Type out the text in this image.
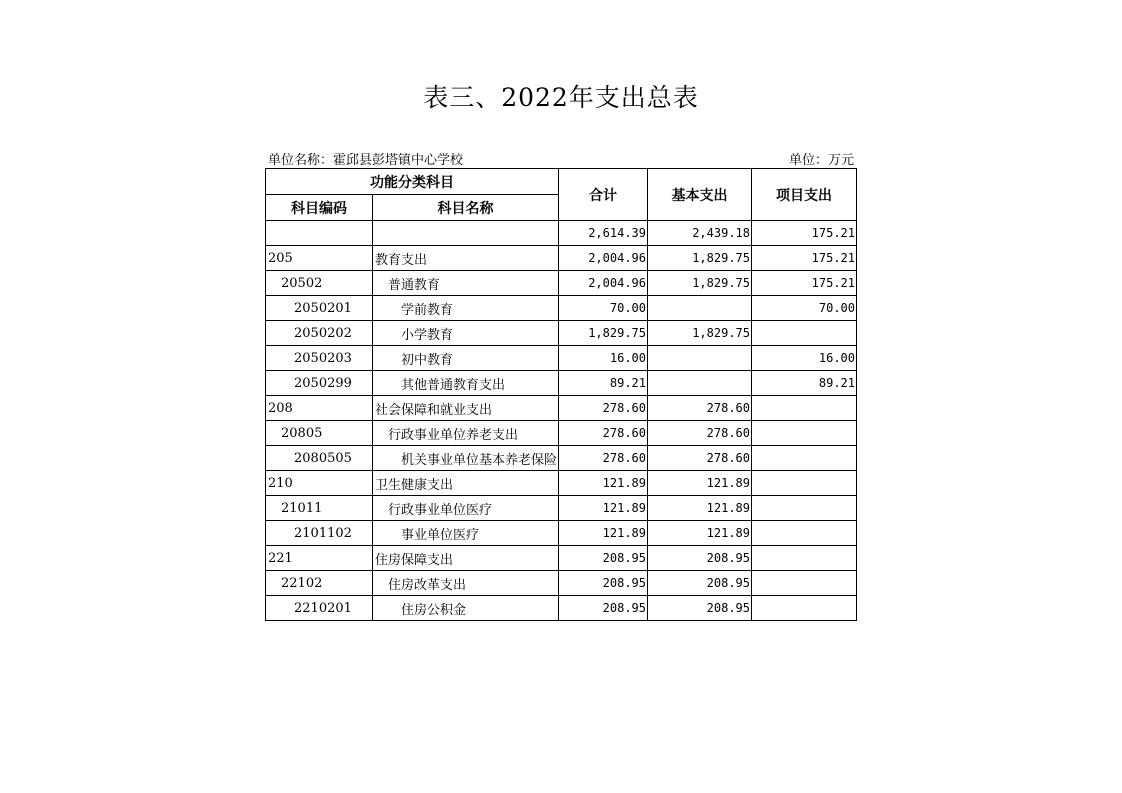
表三、2022年支出总表
单位名称：霍邱县彭塔镇中心学校	单位：万元
功能分类科目		合计	基本支出	项目支出
科目编码	科目名称			
		2,614.39	2,439.18	175.21
205	教育支出	2,004.96	1,829.75	175.21
20502	普通教育	2,004.96	1,829.75	175.21
2050201	学前教育	70.00		70.00
2050202	小学教育	1,829.75	1,829.75	
2050203	初中教育	16.00		16.00
2050299	其他普通教育支出	89.21		89.21
208	社会保障和就业支出	278.60	278.60	
20805	行政事业单位养老支出	278.60	278.60	
2080505	机关事业单位基本养老保险	278.60	278.60	
210	卫生健康支出	121.89	121.89	
21011	行政事业单位医疗	121.89	121.89	
2101102	事业单位医疗	121.89	121.89	
221	住房保障支出	208.95	208.95	
22102	住房改革支出	208.95	208.95	
2210201	住房公积金	208.95	208.95	
